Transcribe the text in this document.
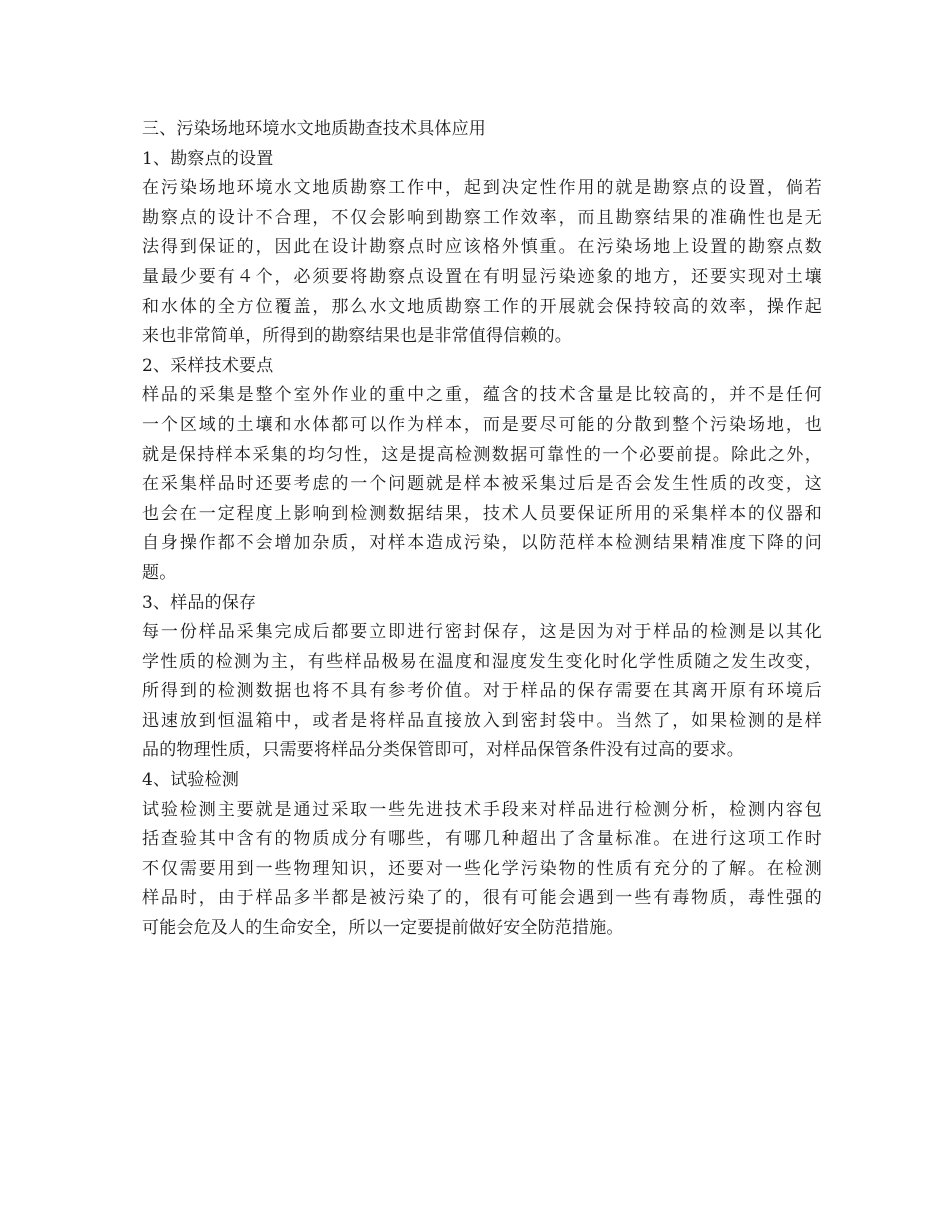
三、污染场地环境水文地质勘查技术具体应用
1、勘察点的设置
在污染场地环境水文地质勘察工作中，起到决定性作用的就是勘察点的设置，倘若
勘察点的设计不合理，不仅会影响到勘察工作效率，而且勘察结果的准确性也是无
法得到保证的，因此在设计勘察点时应该格外慎重。在污染场地上设置的勘察点数
量最少要有４个，必须要将勘察点设置在有明显污染迹象的地方，还要实现对土壤
和水体的全方位覆盖，那么水文地质勘察工作的开展就会保持较高的效率，操作起
来也非常简单，所得到的勘察结果也是非常值得信赖的。
2、采样技术要点
样品的采集是整个室外作业的重中之重，蕴含的技术含量是比较高的，并不是任何
一个区域的土壤和水体都可以作为样本，而是要尽可能的分散到整个污染场地，也
就是保持样本采集的均匀性，这是提高检测数据可靠性的一个必要前提。除此之外，
在采集样品时还要考虑的一个问题就是样本被采集过后是否会发生性质的改变，这
也会在一定程度上影响到检测数据结果，技术人员要保证所用的采集样本的仪器和
自身操作都不会增加杂质，对样本造成污染，以防范样本检测结果精准度下降的问
题。
3、样品的保存
每一份样品采集完成后都要立即进行密封保存，这是因为对于样品的检测是以其化
学性质的检测为主，有些样品极易在温度和湿度发生变化时化学性质随之发生改变，
所得到的检测数据也将不具有参考价值。对于样品的保存需要在其离开原有环境后
迅速放到恒温箱中，或者是将样品直接放入到密封袋中。当然了，如果检测的是样
品的物理性质，只需要将样品分类保管即可，对样品保管条件没有过高的要求。
4、试验检测
试验检测主要就是通过采取一些先进技术手段来对样品进行检测分析，检测内容包
括查验其中含有的物质成分有哪些，有哪几种超出了含量标准。在进行这项工作时
不仅需要用到一些物理知识，还要对一些化学污染物的性质有充分的了解。在检测
样品时，由于样品多半都是被污染了的，很有可能会遇到一些有毒物质，毒性强的
可能会危及人的生命安全，所以一定要提前做好安全防范措施。
